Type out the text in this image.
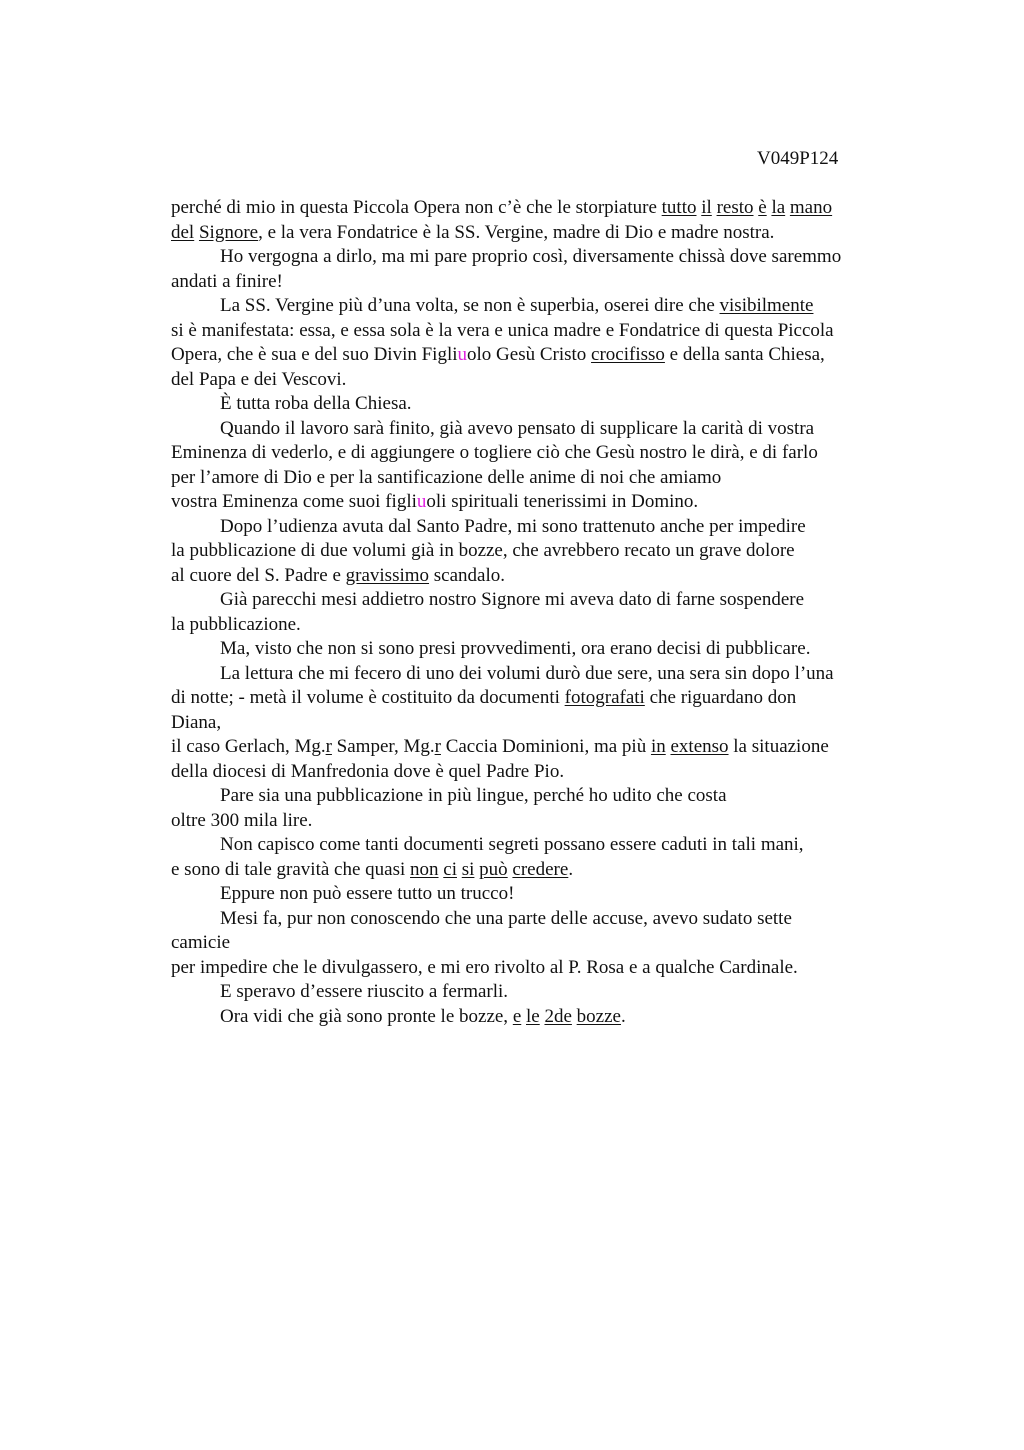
V049P124
perché di mio in questa Piccola Opera non c’è che le storpiature tutto il resto è la mano
del Signore, e la vera Fondatrice è la SS. Vergine, madre di Dio e madre nostra.
Ho vergogna a dirlo, ma mi pare proprio così, diversamente chissà dove saremmo
andati a finire!
La SS. Vergine più d’una volta, se non è superbia, oserei dire che visibilmente
si è manifestata: essa, e essa sola è la vera e unica madre e Fondatrice di questa Piccola
Opera, che è sua e del suo Divin Figliuolo Gesù Cristo crocifisso e della santa Chiesa,
del Papa e dei Vescovi.
È tutta roba della Chiesa.
Quando il lavoro sarà finito, già avevo pensato di supplicare la carità di vostra
Eminenza di vederlo, e di aggiungere o togliere ciò che Gesù nostro le dirà, e di farlo
per l’amore di Dio e per la santificazione delle anime di noi che amiamo
vostra Eminenza come suoi figliuoli spirituali tenerissimi in Domino.
Dopo l’udienza avuta dal Santo Padre, mi sono trattenuto anche per impedire
la pubblicazione di due volumi già in bozze, che avrebbero recato un grave dolore
al cuore del S. Padre e gravissimo scandalo.
Già parecchi mesi addietro nostro Signore mi aveva dato di farne sospendere
la pubblicazione.
Ma, visto che non si sono presi provvedimenti, ora erano decisi di pubblicare.
La lettura che mi fecero di uno dei volumi durò due sere, una sera sin dopo l’una
di notte; - metà il volume è costituito da documenti fotografati che riguardano don
Diana,
il caso Gerlach, Mg.r Samper, Mg.r Caccia Dominioni, ma più in extenso la situazione
della diocesi di Manfredonia dove è quel Padre Pio.
Pare sia una pubblicazione in più lingue, perché ho udito che costa
oltre 300 mila lire.
Non capisco come tanti documenti segreti possano essere caduti in tali mani,
e sono di tale gravità che quasi non ci si può credere.
Eppure non può essere tutto un trucco!
Mesi fa, pur non conoscendo che una parte delle accuse, avevo sudato sette
camicie
per impedire che le divulgassero, e mi ero rivolto al P. Rosa e a qualche Cardinale.
E speravo d’essere riuscito a fermarli.
Ora vidi che già sono pronte le bozze, e le 2de bozze.
